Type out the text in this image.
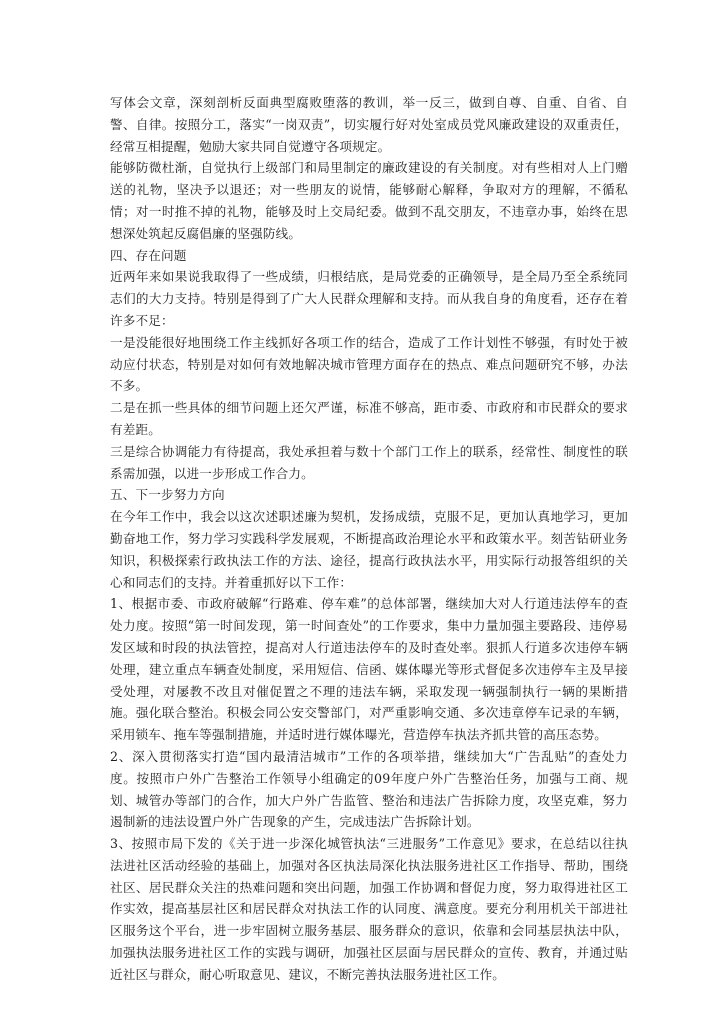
写体会文章，深刻剖析反面典型腐败堕落的教训，举一反三，做到自尊、自重、自省、自警、自律。按照分工，落实“一岗双责”，切实履行好对处室成员党风廉政建设的双重责任，经常互相提醒，勉励大家共同自觉遵守各项规定。

能够防微杜渐，自觉执行上级部门和局里制定的廉政建设的有关制度。对有些相对人上门赠送的礼物，坚决予以退还；对一些朋友的说情，能够耐心解释，争取对方的理解，不循私情；对一时推不掉的礼物，能够及时上交局纪委。做到不乱交朋友，不违章办事，始终在思想深处筑起反腐倡廉的坚强防线。

四、存在问题

近两年来如果说我取得了一些成绩，归根结底，是局党委的正确领导，是全局乃至全系统同志们的大力支持。特别是得到了广大人民群众理解和支持。而从我自身的角度看，还存在着许多不足：

一是没能很好地围绕工作主线抓好各项工作的结合，造成了工作计划性不够强，有时处于被动应付状态，特别是对如何有效地解决城市管理方面存在的热点、难点问题研究不够，办法不多。

二是在抓一些具体的细节问题上还欠严谨，标准不够高，距市委、市政府和市民群众的要求有差距。

三是综合协调能力有待提高，我处承担着与数十个部门工作上的联系，经常性、制度性的联系需加强，以进一步形成工作合力。

五、下一步努力方向

在今年工作中，我会以这次述职述廉为契机，发扬成绩，克服不足，更加认真地学习，更加勤奋地工作，努力学习实践科学发展观，不断提高政治理论水平和政策水平。刻苦钻研业务知识，积极探索行政执法工作的方法、途径，提高行政执法水平，用实际行动报答组织的关心和同志们的支持。并着重抓好以下工作：

1、根据市委、市政府破解“行路难、停车难”的总体部署，继续加大对人行道违法停车的查处力度。按照“第一时间发现，第一时间查处”的工作要求，集中力量加强主要路段、违停易发区域和时段的执法管控，提高对人行道违法停车的及时查处率。狠抓人行道多次违停车辆处理，建立重点车辆查处制度，采用短信、信函、媒体曝光等形式督促多次违停车主及早接受处理，对屡教不改且对催促置之不理的违法车辆，采取发现一辆强制执行一辆的果断措施。强化联合整治。积极会同公安交警部门，对严重影响交通、多次违章停车记录的车辆，采用锁车、拖车等强制措施，并适时进行媒体曝光，营造停车执法齐抓共管的高压态势。

2、深入贯彻落实打造“国内最清洁城市”工作的各项举措，继续加大“广告乱贴”的查处力度。按照市户外广告整治工作领导小组确定的09年度户外广告整治任务，加强与工商、规划、城管办等部门的合作，加大户外广告监管、整治和违法广告拆除力度，攻坚克难，努力遏制新的违法设置户外广告现象的产生，完成违法广告拆除计划。

3、按照市局下发的《关于进一步深化城管执法“三进服务”工作意见》要求，在总结以往执法进社区活动经验的基础上，加强对各区执法局深化执法服务进社区工作指导、帮助，围绕社区、居民群众关注的热难问题和突出问题，加强工作协调和督促力度，努力取得进社区工作实效，提高基层社区和居民群众对执法工作的认同度、满意度。要充分利用机关干部进社区服务这个平台，进一步牢固树立服务基层、服务群众的意识，依靠和会同基层执法中队，加强执法服务进社区工作的实践与调研，加强社区层面与居民群众的宣传、教育，并通过贴近社区与群众，耐心听取意见、建议，不断完善执法服务进社区工作。
